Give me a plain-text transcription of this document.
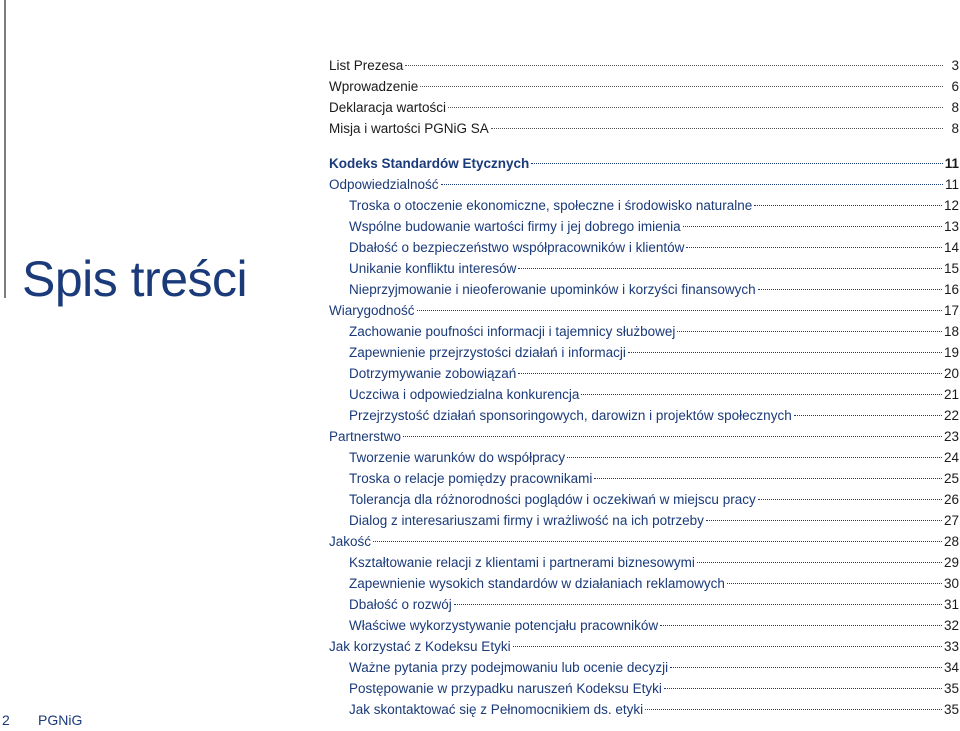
Spis treści
List Prezesa	3
Wprowadzenie	6
Deklaracja wartości	8
Misja i wartości PGNiG SA	8
Kodeks Standardów Etycznych	11
Odpowiedzialność	11
Troska o otoczenie ekonomiczne, społeczne i środowisko naturalne	12
Wspólne budowanie wartości firmy i jej dobrego imienia	13
Dbałość o bezpieczeństwo współpracowników i klientów	14
Unikanie konfliktu interesów	15
Nieprzyjmowanie i nieoferowanie upominków i korzyści finansowych	16
Wiarygodność	17
Zachowanie poufności informacji i tajemnicy służbowej	18
Zapewnienie przejrzystości działań i informacji	19
Dotrzymywanie zobowiązań	20
Uczciwa i odpowiedzialna konkurencja	21
Przejrzystość działań sponsoringowych, darowizn i projektów społecznych	22
Partnerstwo	23
Tworzenie warunków do współpracy	24
Troska o relacje pomiędzy pracownikami	25
Tolerancja dla różnorodności poglądów i oczekiwań w miejscu pracy	26
Dialog z interesariuszami firmy i wrażliwość na ich potrzeby	27
Jakość	28
Kształtowanie relacji z klientami i partnerami biznesowymi	29
Zapewnienie wysokich standardów w działaniach reklamowych	30
Dbałość o rozwój	31
Właściwe wykorzystywanie potencjału pracowników	32
Jak korzystać z Kodeksu Etyki	33
Ważne pytania przy podejmowaniu lub ocenie decyzji	34
Postępowanie w przypadku naruszeń Kodeksu Etyki	35
Jak skontaktować się z Pełnomocnikiem ds. etyki	35
2 PGNiG
